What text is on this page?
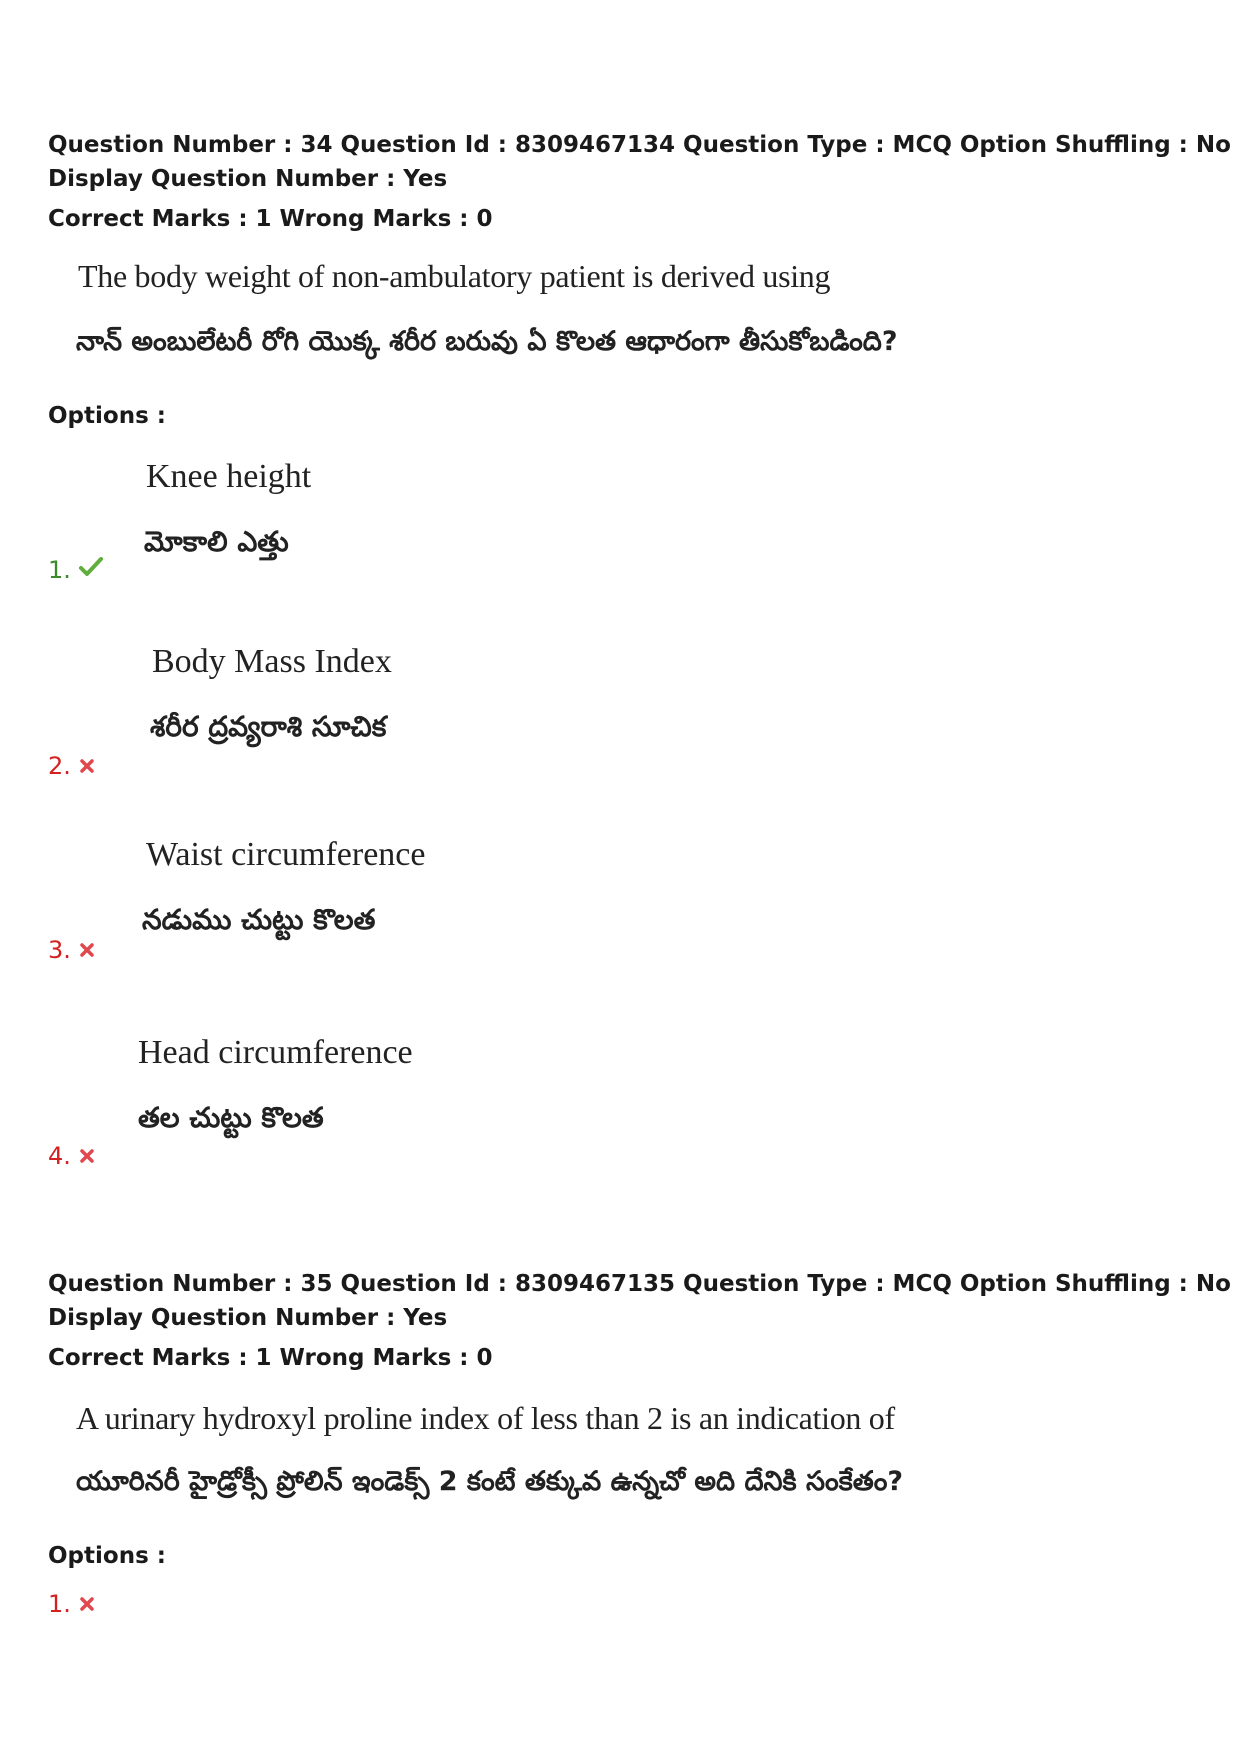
Question Number : 34 Question Id : 8309467134 Question Type : MCQ Option Shuffling : No
Display Question Number : Yes
Correct Marks : 1 Wrong Marks : 0
The body weight of non-ambulatory patient is derived using
నాన్ అంబులేటరీ రోగి యొక్క శరీర బరువు ఏ కొలత ఆధారంగా తీసుకోబడింది?
Options :
Knee height
మోకాలి ఎత్తు
1.
Body Mass Index
శరీర ద్రవ్యరాశి సూచిక
2.
Waist circumference
నడుము చుట్టు కొలత
3.
Head circumference
తల చుట్టు కొలత
4.
Question Number : 35 Question Id : 8309467135 Question Type : MCQ Option Shuffling : No
Display Question Number : Yes
Correct Marks : 1 Wrong Marks : 0
A urinary hydroxyl proline index of less than 2 is an indication of
యూరినరీ హైడ్రోక్సీ ప్రోలిన్ ఇండెక్స్ 2 కంటే తక్కువ ఉన్నచో అది దేనికి సంకేతం?
Options :
1.
